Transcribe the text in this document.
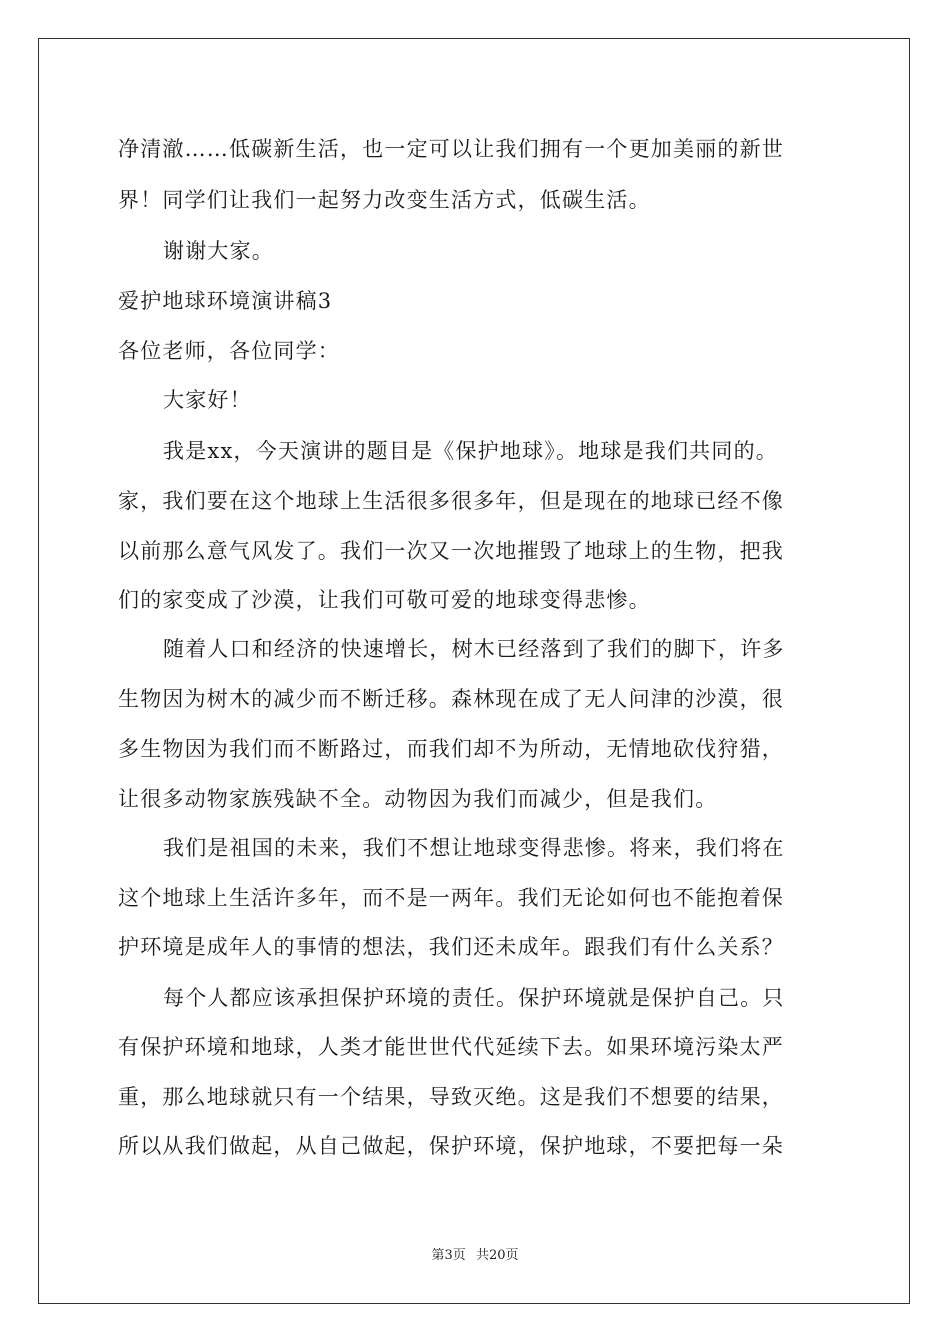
净清澈……低碳新生活，也一定可以让我们拥有一个更加美丽的新世
界！同学们让我们一起努力改变生活方式，低碳生活。
谢谢大家。
爱护地球环境演讲稿3
各位老师，各位同学：
大家好！
我是xx，今天演讲的题目是《保护地球》。地球是我们共同的。
家，我们要在这个地球上生活很多很多年，但是现在的地球已经不像
以前那么意气风发了。我们一次又一次地摧毁了地球上的生物，把我
们的家变成了沙漠，让我们可敬可爱的地球变得悲惨。
随着人口和经济的快速增长，树木已经落到了我们的脚下，许多
生物因为树木的减少而不断迁移。森林现在成了无人问津的沙漠，很
多生物因为我们而不断路过，而我们却不为所动，无情地砍伐狩猎，
让很多动物家族残缺不全。动物因为我们而减少，但是我们。
我们是祖国的未来，我们不想让地球变得悲惨。将来，我们将在
这个地球上生活许多年，而不是一两年。我们无论如何也不能抱着保
护环境是成年人的事情的想法，我们还未成年。跟我们有什么关系？
每个人都应该承担保护环境的责任。保护环境就是保护自己。只
有保护环境和地球，人类才能世世代代延续下去。如果环境污染太严
重，那么地球就只有一个结果，导致灭绝。这是我们不想要的结果，
所以从我们做起，从自己做起，保护环境，保护地球，不要把每一朵
第3页 共20页
